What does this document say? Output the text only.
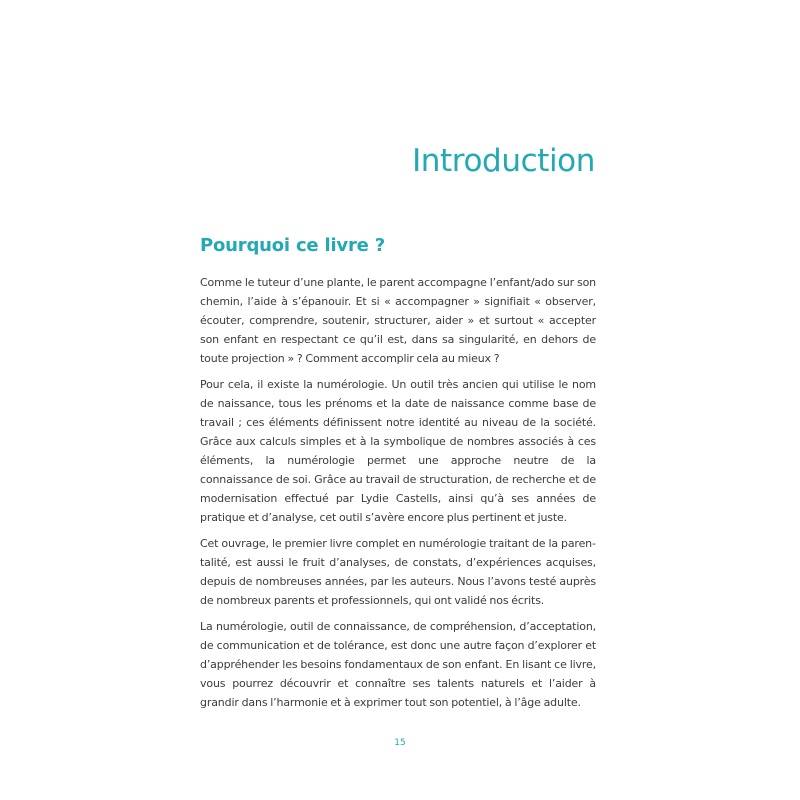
Introduction
Pourquoi ce livre ?

Comme le tuteur d’une plante, le parent accompagne l’enfant/ado sur son chemin, l’aide à s’épanouir. Et si « accompagner » signifiait « observer, écouter, comprendre, soutenir, structurer, aider » et surtout « accepter son enfant en respectant ce qu’il est, dans sa singularité, en dehors de toute projection » ? Comment accomplir cela au mieux ?

Pour cela, il existe la numérologie. Un outil très ancien qui utilise le nom de naissance, tous les prénoms et la date de naissance comme base de travail ; ces éléments définissent notre identité au niveau de la société. Grâce aux calculs simples et à la symbolique de nombres associés à ces éléments, la numérologie permet une approche neutre de la connaissance de soi. Grâce au travail de structuration, de recherche et de modernisation effectué par Lydie Castells, ainsi qu’à ses années de pratique et d’analyse, cet outil s’avère encore plus pertinent et juste.

Cet ouvrage, le premier livre complet en numérologie traitant de la parentalité, est aussi le fruit d’analyses, de constats, d’expériences acquises, depuis de nombreuses années, par les auteurs. Nous l’avons testé auprès de nombreux parents et professionnels, qui ont validé nos écrits.

La numérologie, outil de connaissance, de compréhension, d’acceptation, de communication et de tolérance, est donc une autre façon d’explorer et d’appréhender les besoins fondamentaux de son enfant. En lisant ce livre, vous pourrez découvrir et connaître ses talents naturels et l’aider à grandir dans l’harmonie et à exprimer tout son potentiel, à l’âge adulte.

15
